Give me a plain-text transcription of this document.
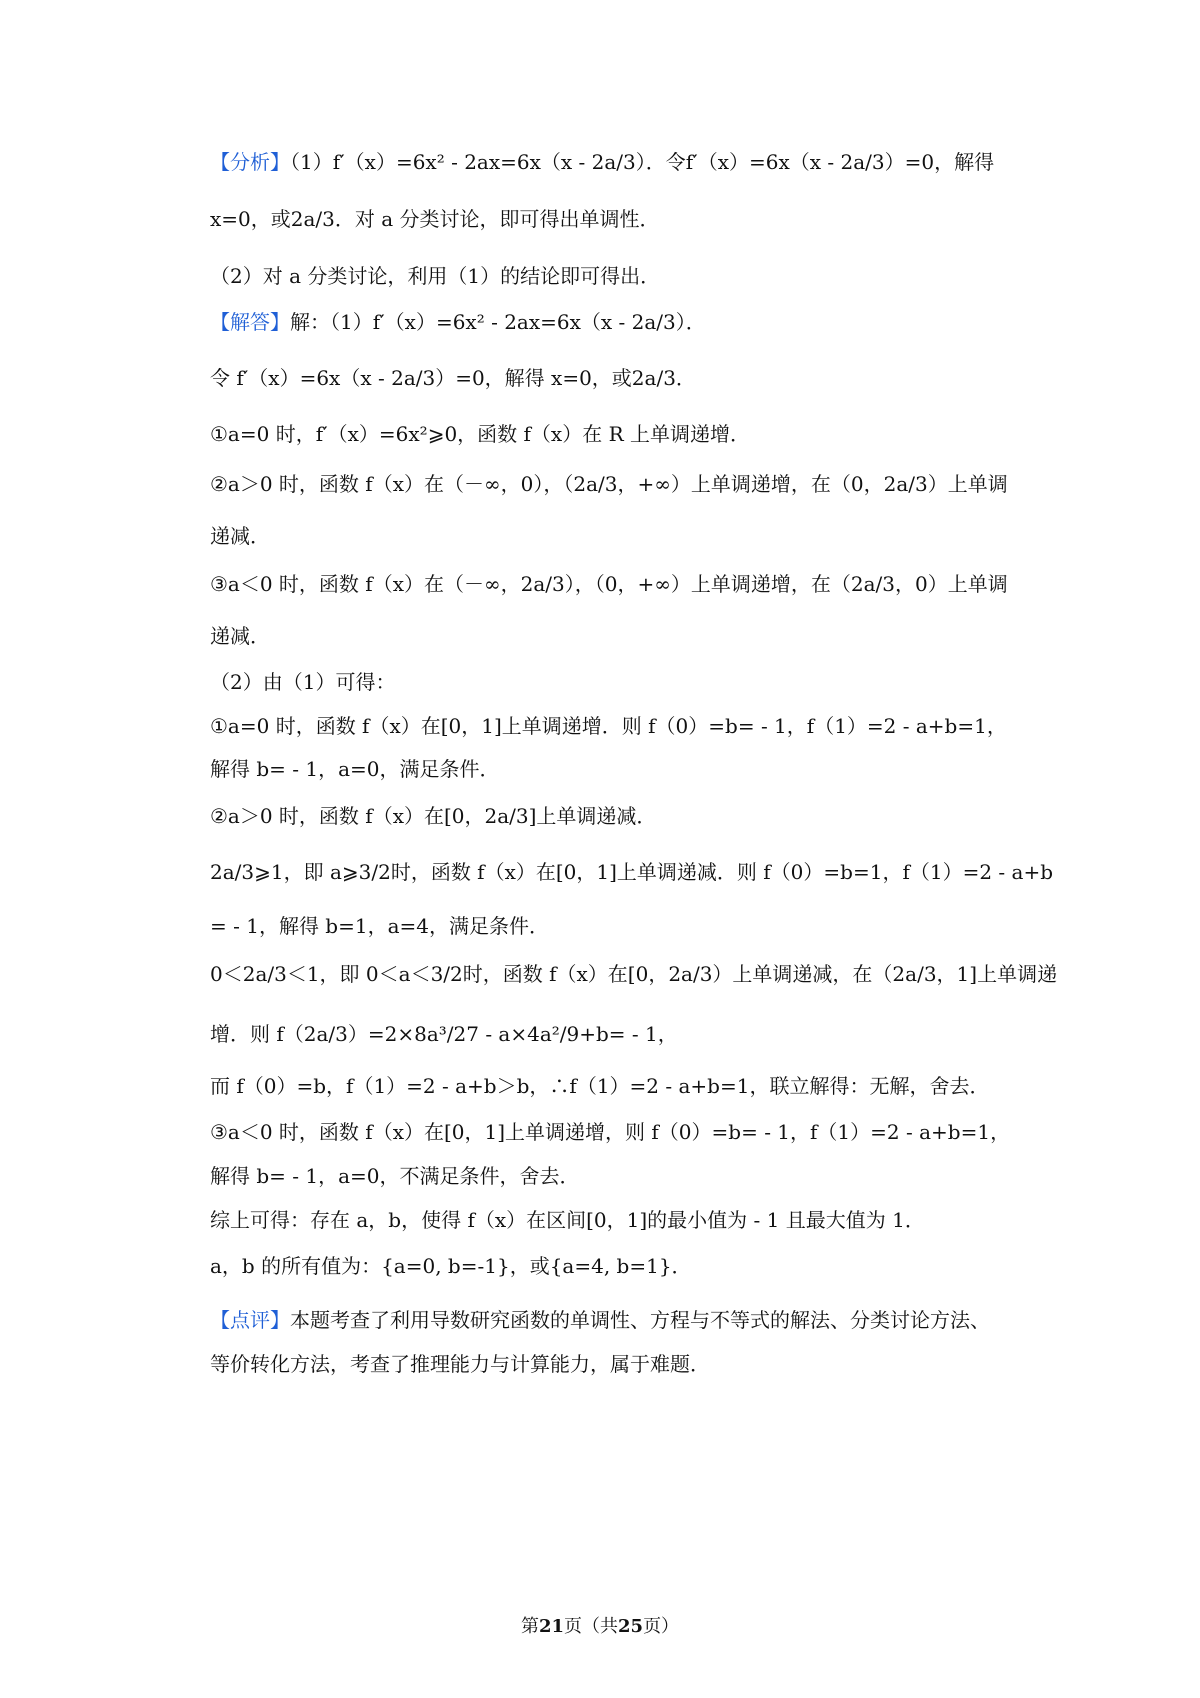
【分析】（1）f′（x）=6x² - 2ax=6x（x - 2a/3）．令f′（x）=6x（x - 2a/3）=0，解得
x=0，或2a/3．对 a 分类讨论，即可得出单调性．
（2）对 a 分类讨论，利用（1）的结论即可得出．
【解答】解：（1）f′（x）=6x² - 2ax=6x（x - 2a/3）．
令 f′（x）=6x（x - 2a/3）=0，解得 x=0，或2a/3．
①a=0 时，f′（x）=6x²⩾0，函数 f（x）在 R 上单调递增．
②a＞0 时，函数 f（x）在（－∞，0），（2a/3，+∞）上单调递增，在（0，2a/3）上单调
递减．
③a＜0 时，函数 f（x）在（－∞，2a/3），（0，+∞）上单调递增，在（2a/3，0）上单调
递减．
（2）由（1）可得：
①a=0 时，函数 f（x）在[0，1]上单调递增．则 f（0）=b= - 1，f（1）=2 - a+b=1，
解得 b= - 1，a=0，满足条件．
②a＞0 时，函数 f（x）在[0，2a/3]上单调递减．
2a/3⩾1，即 a⩾3/2时，函数 f（x）在[0，1]上单调递减．则 f（0）=b=1，f（1）=2 - a+b
= - 1，解得 b=1，a=4，满足条件．
0＜2a/3＜1，即 0＜a＜3/2时，函数 f（x）在[0，2a/3）上单调递减，在（2a/3，1]上单调递
增．则 f（2a/3）=2×8a³/27 - a×4a²/9+b= - 1，
而 f（0）=b，f（1）=2 - a+b＞b，∴f（1）=2 - a+b=1，联立解得：无解，舍去．
③a＜0 时，函数 f（x）在[0，1]上单调递增，则 f（0）=b= - 1，f（1）=2 - a+b=1，
解得 b= - 1，a=0，不满足条件，舍去．
综上可得：存在 a，b，使得 f（x）在区间[0，1]的最小值为 - 1 且最大值为 1．
a，b 的所有值为：{a=0, b=-1}，或{a=4, b=1}．
【点评】本题考查了利用导数研究函数的单调性、方程与不等式的解法、分类讨论方法、
等价转化方法，考查了推理能力与计算能力，属于难题．
第21页（共25页）
